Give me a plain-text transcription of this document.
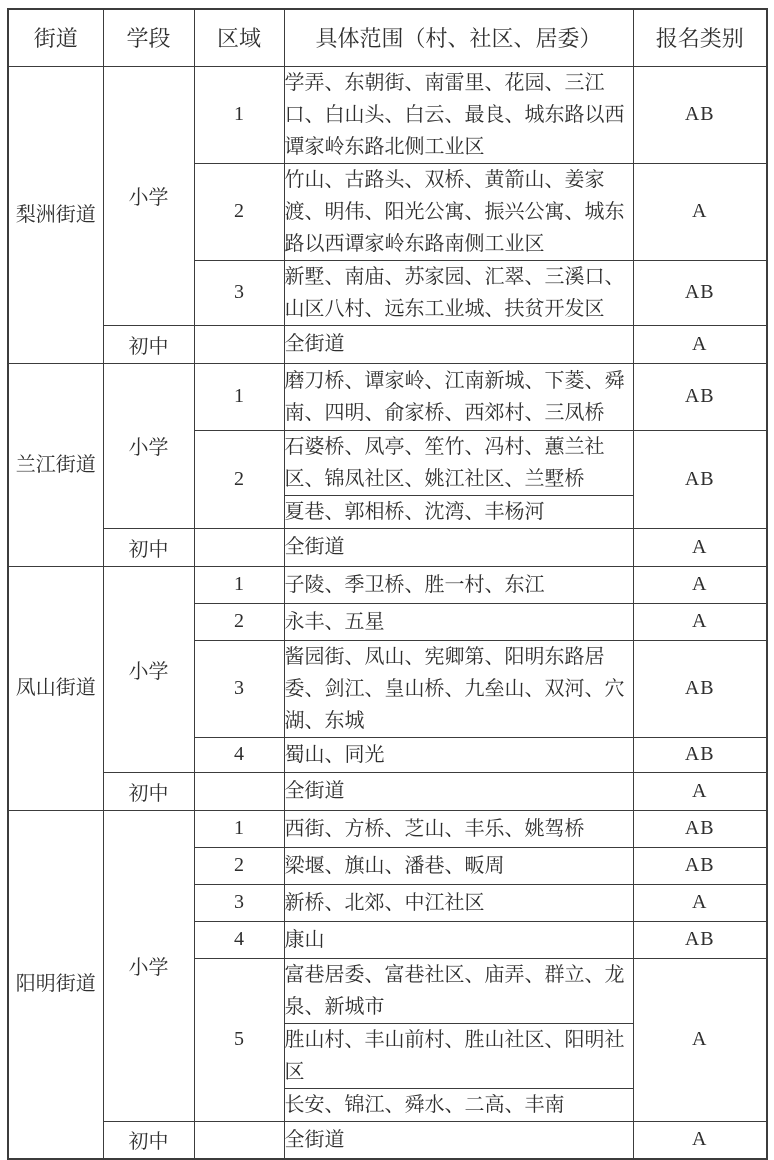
街道	学段	区域	具体范围（村、社区、居委）	报名类别
梨洲街道	小学	1	学弄、东朝街、南雷里、花园、三江口、白山头、白云、最良、城东路以西谭家岭东路北侧工业区	AB
		2	竹山、古路头、双桥、黄箭山、姜家渡、明伟、阳光公寓、振兴公寓、城东路以西谭家岭东路南侧工业区	A
		3	新墅、南庙、苏家园、汇翠、三溪口、山区八村、远东工业城、扶贫开发区	AB
	初中		全街道	A
兰江街道	小学	1	磨刀桥、谭家岭、江南新城、下菱、舜南、四明、俞家桥、西郊村、三凤桥	AB
		2	石婆桥、凤亭、笙竹、冯村、蕙兰社区、锦凤社区、姚江社区、兰墅桥	AB
			夏巷、郭相桥、沈湾、丰杨河	
	初中		全街道	A
凤山街道	小学	1	子陵、季卫桥、胜一村、东江	A
		2	永丰、五星	A
		3	酱园街、凤山、宪卿第、阳明东路居委、剑江、皇山桥、九垒山、双河、穴湖、东城	AB
		4	蜀山、同光	AB
	初中		全街道	A
阳明街道	小学	1	西街、方桥、芝山、丰乐、姚驾桥	AB
		2	梁堰、旗山、潘巷、畈周	AB
		3	新桥、北郊、中江社区	A
		4	康山	AB
		5	富巷居委、富巷社区、庙弄、群立、龙泉、新城市	A
			胜山村、丰山前村、胜山社区、阳明社区	
			长安、锦江、舜水、二高、丰南	
	初中		全街道	A
